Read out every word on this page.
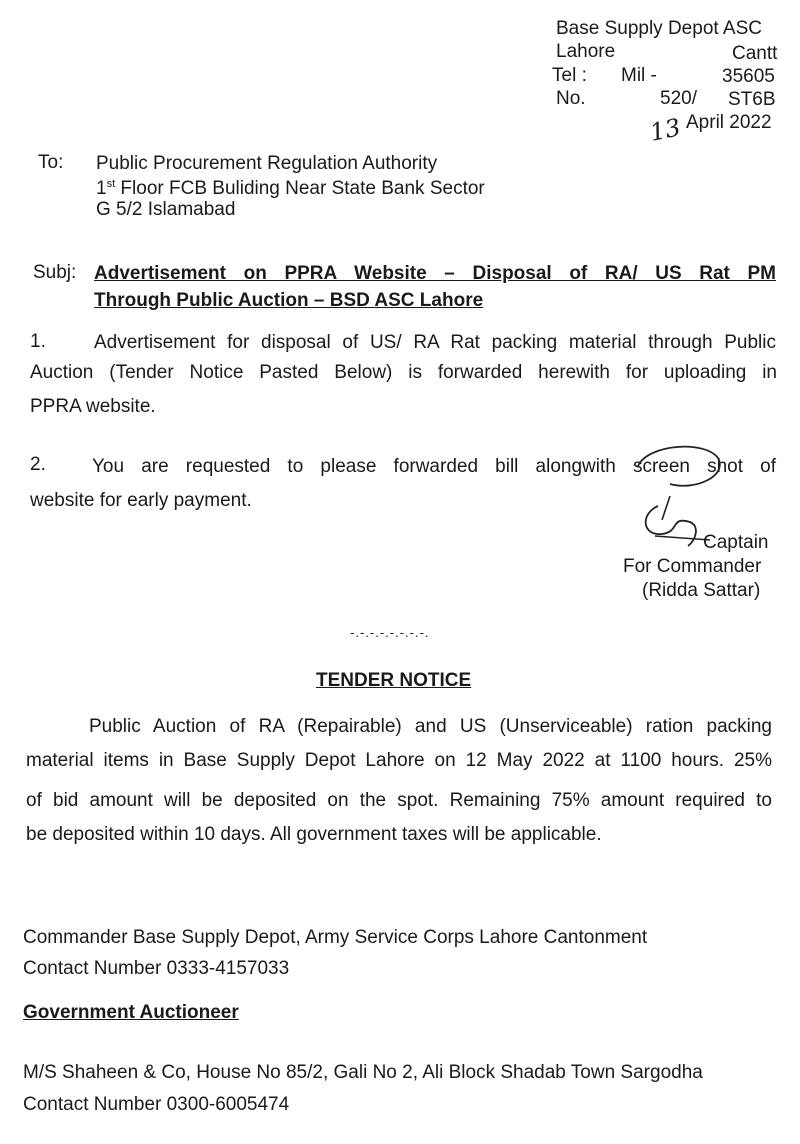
Base Supply Depot ASC
Lahore	Cantt
Tel : Mil -	35605
No.	520/ ST6B
13 April 2022
To: Public Procurement Regulation Authority
1st Floor FCB Buliding Near State Bank Sector
G 5/2 Islamabad
Subj: Advertisement on PPRA Website – Disposal of RA/ US Rat PM
Through Public Auction – BSD ASC Lahore
1.	Advertisement for disposal of US/ RA Rat packing material through Public
Auction (Tender Notice Pasted Below) is forwarded herewith for uploading in
PPRA website.
2. You are requested to please forwarded bill alongwith screen shot of
website for early payment.
Captain
For Commander
(Ridda Sattar)
-.-.-.-.-.-.-.-.
TENDER NOTICE
Public Auction of RA (Repairable) and US (Unserviceable) ration packing
material items in Base Supply Depot Lahore on 12 May 2022 at 1100 hours. 25%
of bid amount will be deposited on the spot. Remaining 75% amount required to
be deposited within 10 days. All government taxes will be applicable.
Commander Base Supply Depot, Army Service Corps Lahore Cantonment
Contact Number 0333-4157033
Government Auctioneer
M/S Shaheen & Co, House No 85/2, Gali No 2, Ali Block Shadab Town Sargodha
Contact Number 0300-6005474
